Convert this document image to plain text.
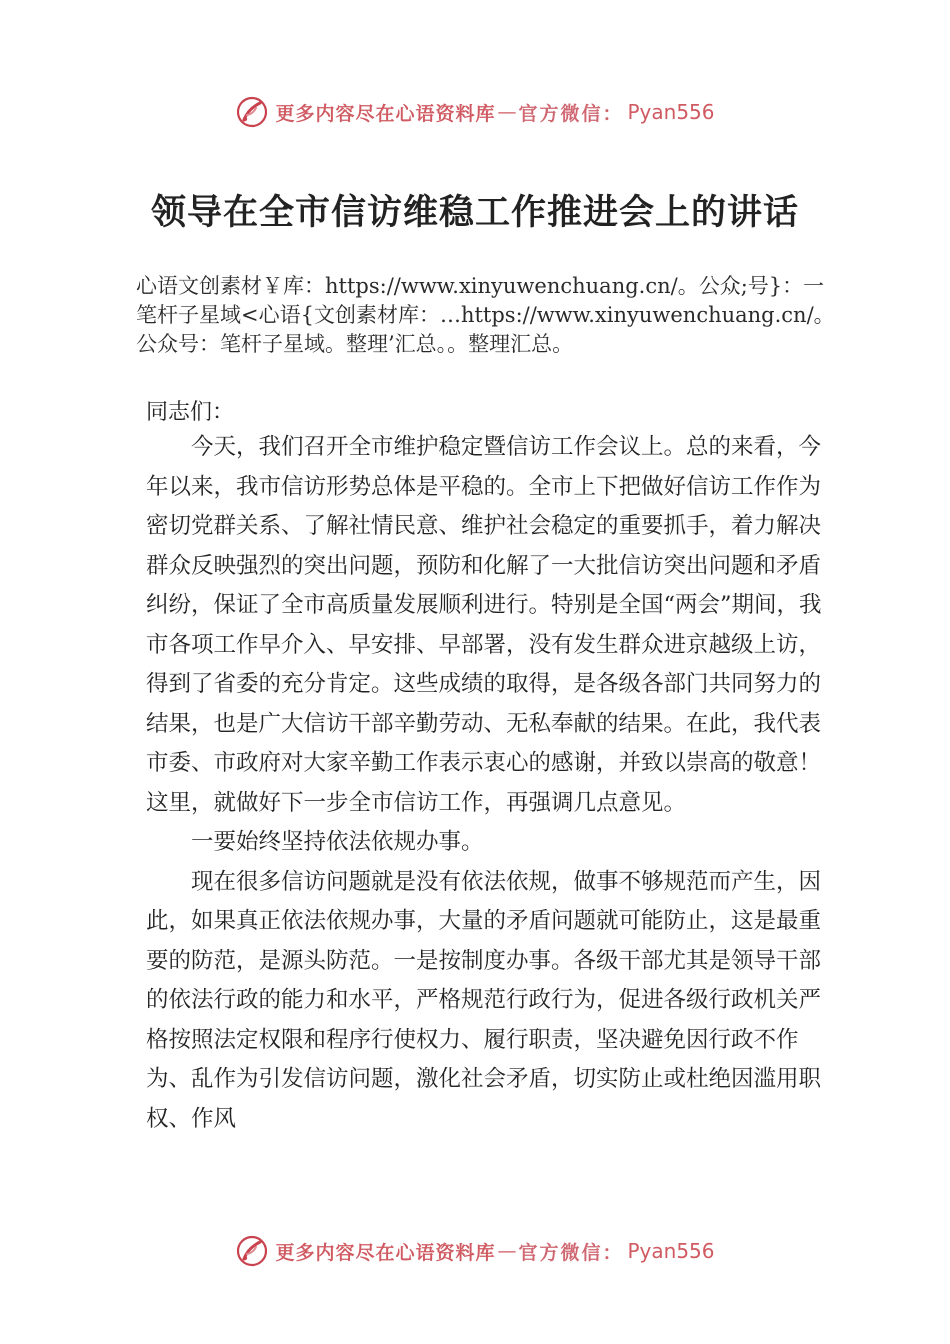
更多内容尽在心语资料库 — 官方微信： Pyan556
领导在全市信访维稳工作推进会上的讲话
心语文创素材￥库：https://www.xinyuwenchuang.cn/。公众;号}：一笔杆子星域<心语{文创素材库：…https://www.xinyuwenchuang.cn/。公众号：笔杆子星域。整理’汇总。。整理汇总。
同志们：

今天，我们召开全市维护稳定暨信访工作会议上。总的来看，今年以来，我市信访形势总体是平稳的。全市上下把做好信访工作作为密切党群关系、了解社情民意、维护社会稳定的重要抓手，着力解决群众反映强烈的突出问题，预防和化解了一大批信访突出问题和矛盾纠纷，保证了全市高质量发展顺利进行。特别是全国“两会”期间，我市各项工作早介入、早安排、早部署，没有发生群众进京越级上访，得到了省委的充分肯定。这些成绩的取得，是各级各部门共同努力的结果，也是广大信访干部辛勤劳动、无私奉献的结果。在此，我代表市委、市政府对大家辛勤工作表示衷心的感谢，并致以崇高的敬意！这里，就做好下一步全市信访工作，再强调几点意见。

一要始终坚持依法依规办事。

现在很多信访问题就是没有依法依规，做事不够规范而产生，因此，如果真正依法依规办事，大量的矛盾问题就可能防止，这是最重要的防范，是源头防范。一是按制度办事。各级干部尤其是领导干部的依法行政的能力和水平，严格规范行政行为，促进各级行政机关严格按照法定权限和程序行使权力、履行职责，坚决避免因行政不作为、乱作为引发信访问题，激化社会矛盾，切实防止或杜绝因滥用职权、作风

更多内容尽在心语资料库 — 官方微信： Pyan556
